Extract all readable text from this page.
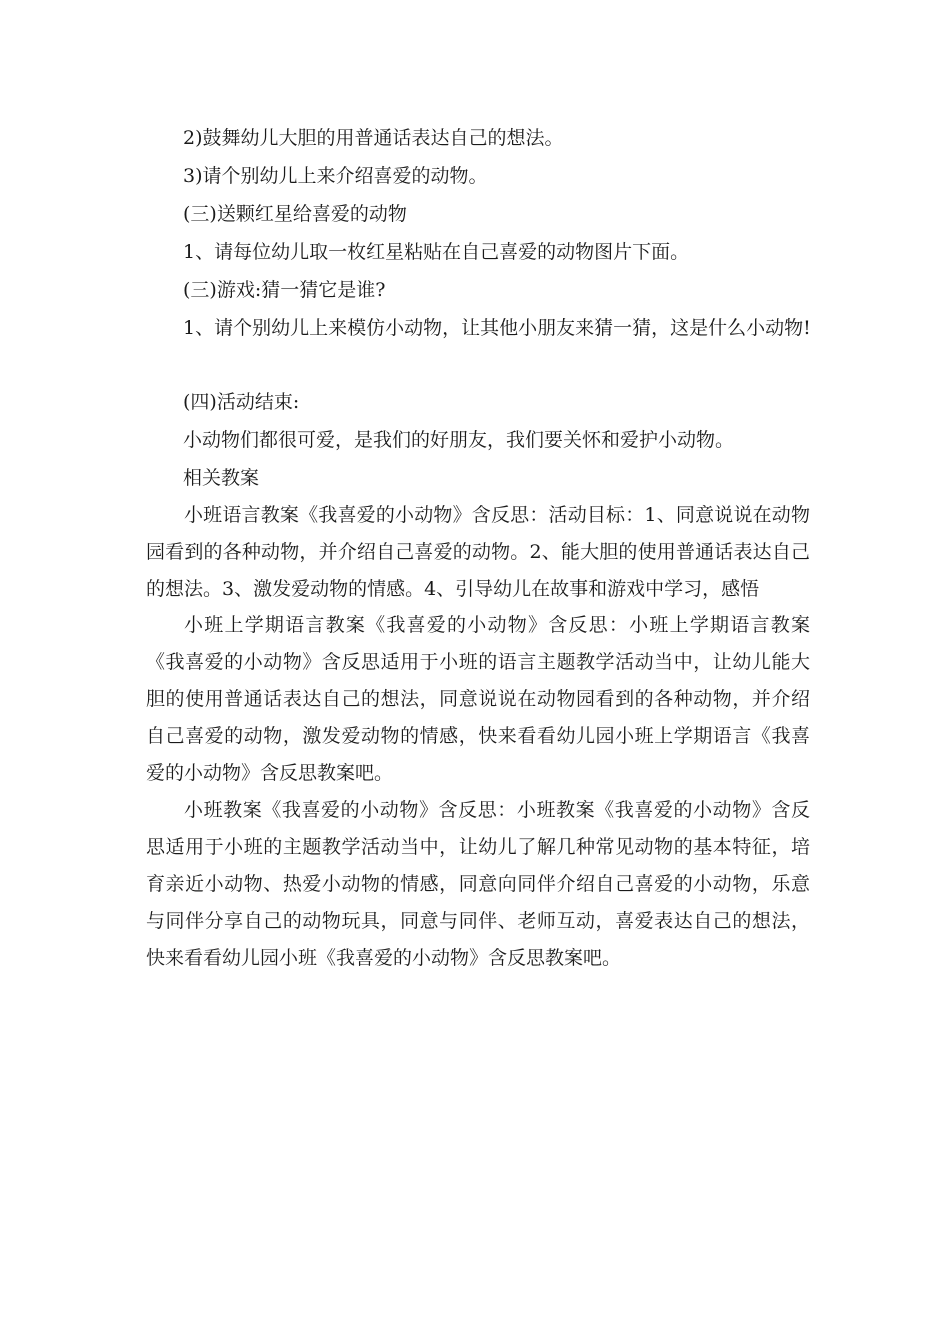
2)鼓舞幼儿大胆的用普通话表达自己的想法。
3)请个别幼儿上来介绍喜爱的动物。
(三)送颗红星给喜爱的动物
1、请每位幼儿取一枚红星粘贴在自己喜爱的动物图片下面。
(三)游戏:猜一猜它是谁?
1、请个别幼儿上来模仿小动物，让其他小朋友来猜一猜，这是什么小动物!
(四)活动结束:
小动物们都很可爱，是我们的好朋友，我们要关怀和爱护小动物。
相关教案
小班语言教案《我喜爱的小动物》含反思：活动目标：1、同意说说在动物园看到的各种动物，并介绍自己喜爱的动物。2、能大胆的使用普通话表达自己的想法。3、激发爱动物的情感。4、引导幼儿在故事和游戏中学习，感悟
小班上学期语言教案《我喜爱的小动物》含反思：小班上学期语言教案《我喜爱的小动物》含反思适用于小班的语言主题教学活动当中，让幼儿能大胆的使用普通话表达自己的想法，同意说说在动物园看到的各种动物，并介绍自己喜爱的动物，激发爱动物的情感，快来看看幼儿园小班上学期语言《我喜爱的小动物》含反思教案吧。
小班教案《我喜爱的小动物》含反思：小班教案《我喜爱的小动物》含反思适用于小班的主题教学活动当中，让幼儿了解几种常见动物的基本特征，培育亲近小动物、热爱小动物的情感，同意向同伴介绍自己喜爱的小动物，乐意与同伴分享自己的动物玩具，同意与同伴、老师互动，喜爱表达自己的想法，快来看看幼儿园小班《我喜爱的小动物》含反思教案吧。
